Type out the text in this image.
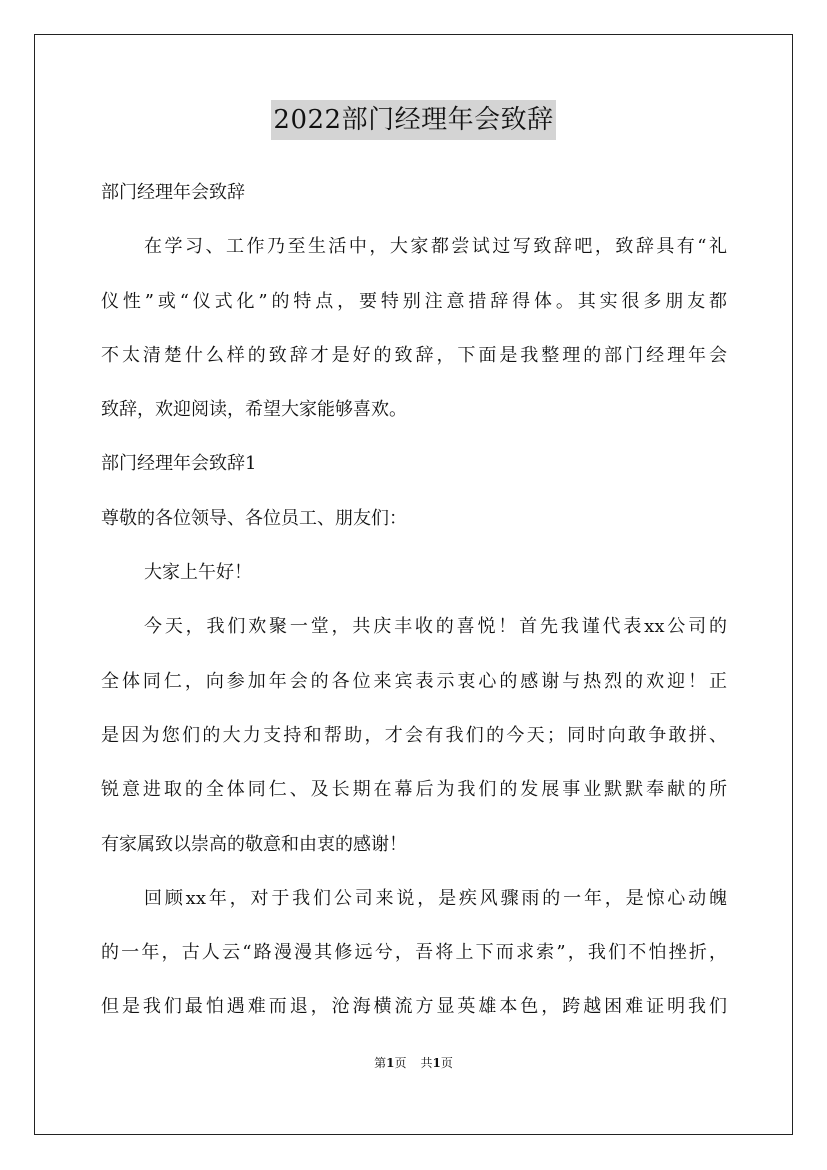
2022部门经理年会致辞
部门经理年会致辞
在学习、工作乃至生活中，大家都尝试过写致辞吧，致辞具有“礼
仪性”或“仪式化”的特点，要特别注意措辞得体。其实很多朋友都
不太清楚什么样的致辞才是好的致辞，下面是我整理的部门经理年会
致辞，欢迎阅读，希望大家能够喜欢。
部门经理年会致辞1
尊敬的各位领导、各位员工、朋友们：
大家上午好！
今天，我们欢聚一堂，共庆丰收的喜悦！首先我谨代表xx公司的
全体同仁，向参加年会的各位来宾表示衷心的感谢与热烈的欢迎！正
是因为您们的大力支持和帮助，才会有我们的今天；同时向敢争敢拼、
锐意进取的全体同仁、及长期在幕后为我们的发展事业默默奉献的所
有家属致以崇高的敬意和由衷的感谢！
回顾xx年，对于我们公司来说，是疾风骤雨的一年，是惊心动魄
的一年，古人云“路漫漫其修远兮，吾将上下而求索”，我们不怕挫折，
但是我们最怕遇难而退，沧海横流方显英雄本色，跨越困难证明我们
第1页 共1页
